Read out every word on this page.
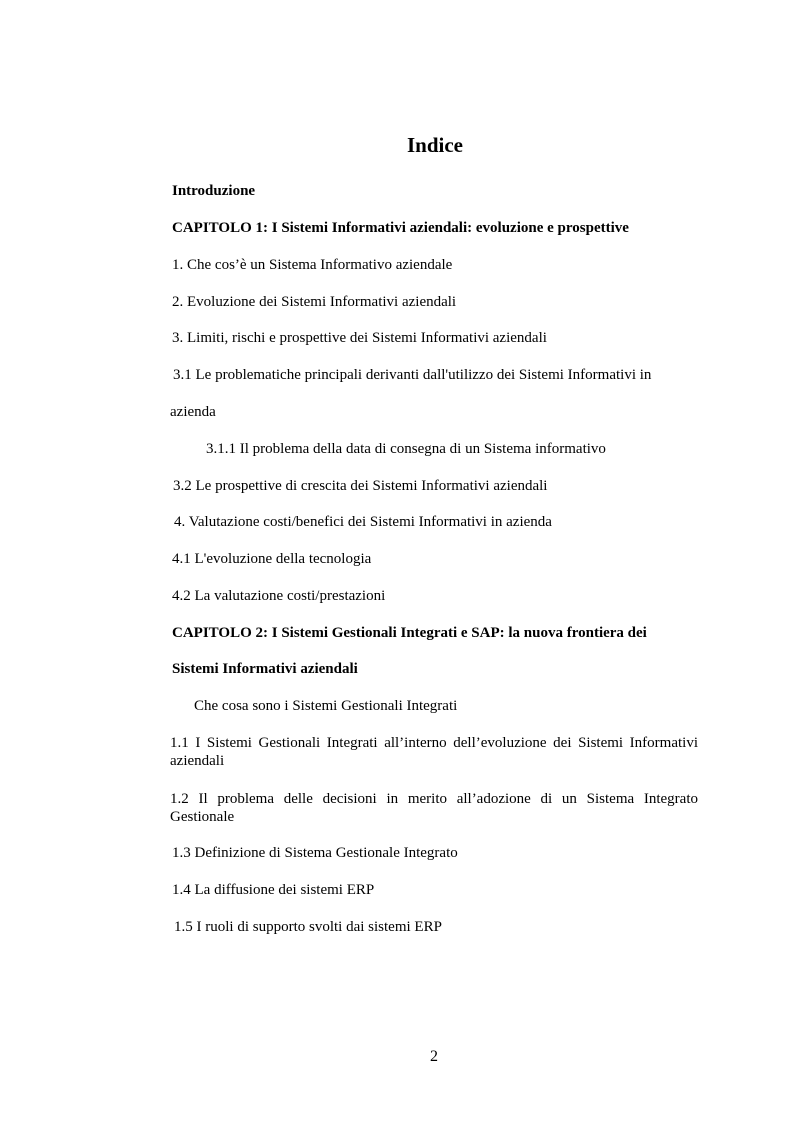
Indice
Introduzione
CAPITOLO 1: I Sistemi Informativi aziendali: evoluzione e prospettive
1. Che cos’è un Sistema Informativo aziendale
2. Evoluzione dei Sistemi Informativi aziendali
3. Limiti, rischi e prospettive dei Sistemi Informativi aziendali
3.1 Le problematiche principali derivanti dall'utilizzo dei Sistemi Informativi in
azienda
3.1.1 Il problema della data di consegna di un Sistema informativo
3.2 Le prospettive di crescita dei Sistemi Informativi aziendali
4. Valutazione costi/benefici dei Sistemi Informativi in azienda
4.1 L'evoluzione della tecnologia
4.2 La valutazione costi/prestazioni
CAPITOLO 2: I Sistemi Gestionali Integrati e SAP: la nuova frontiera dei
Sistemi Informativi aziendali
Che cosa sono i Sistemi Gestionali Integrati
1.1 I Sistemi Gestionali Integrati all’interno dell’evoluzione dei Sistemi Informativi aziendali
1.2 Il problema delle decisioni in merito all’adozione di un Sistema Integrato Gestionale
1.3 Definizione di Sistema Gestionale Integrato
1.4 La diffusione dei sistemi ERP
1.5 I ruoli di supporto svolti dai sistemi ERP
2
